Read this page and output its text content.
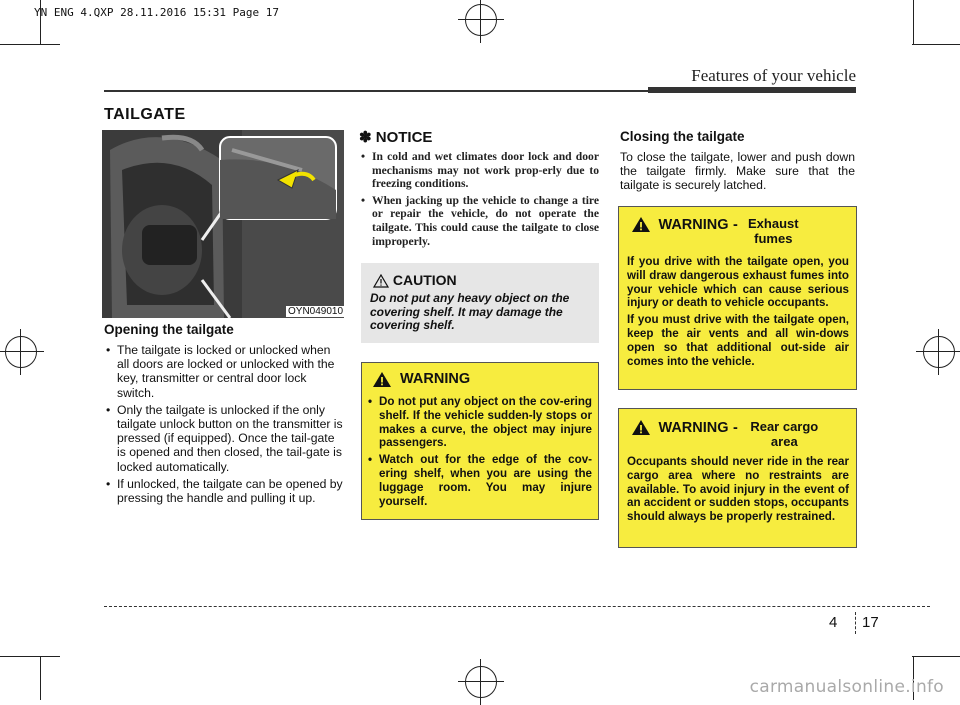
YN ENG 4.QXP 28.11.2016 15:31 Page 17
Features of your vehicle
TAILGATE
OYN049010
Opening the tailgate
• The tailgate is locked or unlocked when all doors are locked or unlocked with the key, transmitter or central door lock switch.
• Only the tailgate is unlocked if the only tailgate unlock button on the transmitter is pressed (if equipped). Once the tail-gate is opened and then closed, the tail-gate is locked automatically.
• If unlocked, the tailgate can be opened by pressing the handle and pulling it up.
✽ NOTICE
• In cold and wet climates door lock and door mechanisms may not work prop-erly due to freezing conditions.
• When jacking up the vehicle to change a tire or repair the vehicle, do not operate the tailgate. This could cause the tailgate to close improperly.
CAUTION
Do not put any heavy object on the covering shelf. It may damage the covering shelf.
WARNING
• Do not put any object on the cov-ering shelf. If the vehicle sudden-ly stops or makes a curve, the object may injure passengers.
• Watch out for the edge of the cov-ering shelf, when you are using the luggage room. You may injure yourself.
Closing the tailgate
To close the tailgate, lower and push down the tailgate firmly. Make sure that the tailgate is securely latched.
WARNING - Exhaust fumes

If you drive with the tailgate open, you will draw dangerous exhaust fumes into your vehicle which can cause serious injury or death to vehicle occupants.

If you must drive with the tailgate open, keep the air vents and all win-dows open so that additional out-side air comes into the vehicle.

WARNING - Rear cargo area
Occupants should never ride in the rear cargo area where no restraints are available. To avoid injury in the event of an accident or sudden stops, occupants should always be properly restrained.
4 17
carmanualsonline.info
